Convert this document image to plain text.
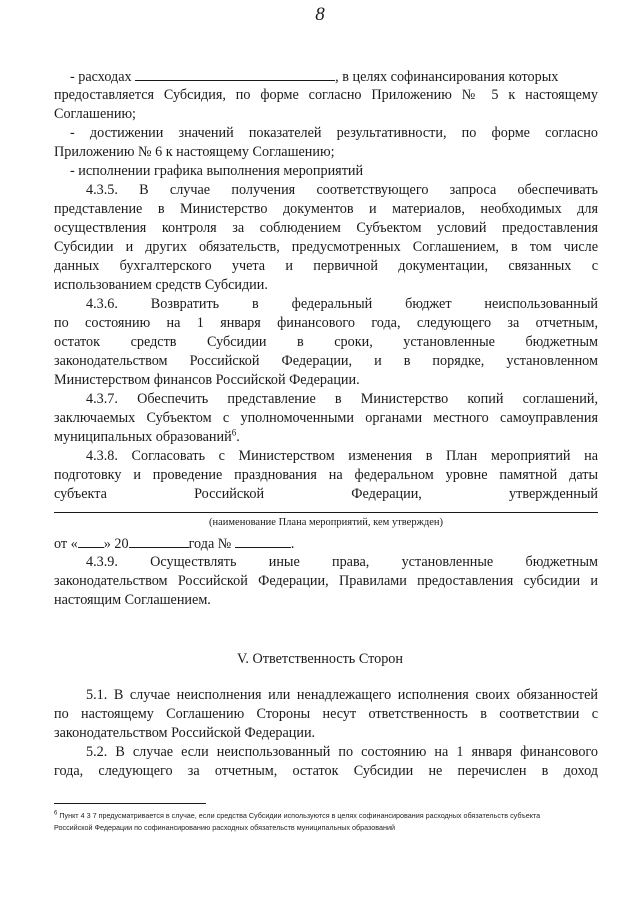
8

- расходах	, в целях софинансирования которых

предоставляется Субсидия, по форме согласно Приложению № 5 к настоящему

Соглашению;

- достижении значений показателей результативности, по форме согласно

Приложению № 6 к настоящему Соглашению;

- исполнении графика выполнения мероприятий

4.3.5. В случае получения соответствующего запроса обеспечивать

представление в Министерство документов и материалов, необходимых для

осуществления контроля за соблюдением Субъектом условий предоставления

Субсидии и других обязательств, предусмотренных Соглашением, в том числе

данных бухгалтерского учета и первичной документации, связанных с

использованием средств Субсидии.

4.3.6. Возвратить в федеральный бюджет неиспользованный

по состоянию на 1 января финансового года, следующего за отчетным,

остаток средств Субсидии в сроки, установленные бюджетным

законодательством Российской Федерации, и в порядке, установленном

Министерством финансов Российской Федерации.

4.3.7. Обеспечить представление в Министерство копий соглашений,

заключаемых Субъектом с уполномоченными органами местного самоуправления

муниципальных образований$^6$.

4.3.8. Согласовать с Министерством изменения в План мероприятий на

подготовку и проведение празднования на федеральном уровне памятной даты

субъекта Российской Федерации, утвержденный

(наименование Плана мероприятий, кем утвержден)

от « » 20	года №	.

4.3.9. Осуществлять иные права, установленные бюджетным

законодательством Российской Федерации, Правилами предоставления субсидии и

настоящим Соглашением.

V. Ответственность Сторон

5.1. В случае неисполнения или ненадлежащего исполнения своих обязанностей

по настоящему Соглашению Стороны несут ответственность в соответствии с

законодательством Российской Федерации.

5.2. В случае если неиспользованный по состоянию на 1 января финансового

года, следующего за отчетным, остаток Субсидии не перечислен в доход

$^6$ Пункт 4 3 7 предусматривается в случае, если средства Субсидии используются в целях софинансирования расходных обязательств субъекта
Российской Федерации по софинансированию расходных обязательств муниципальных образований
